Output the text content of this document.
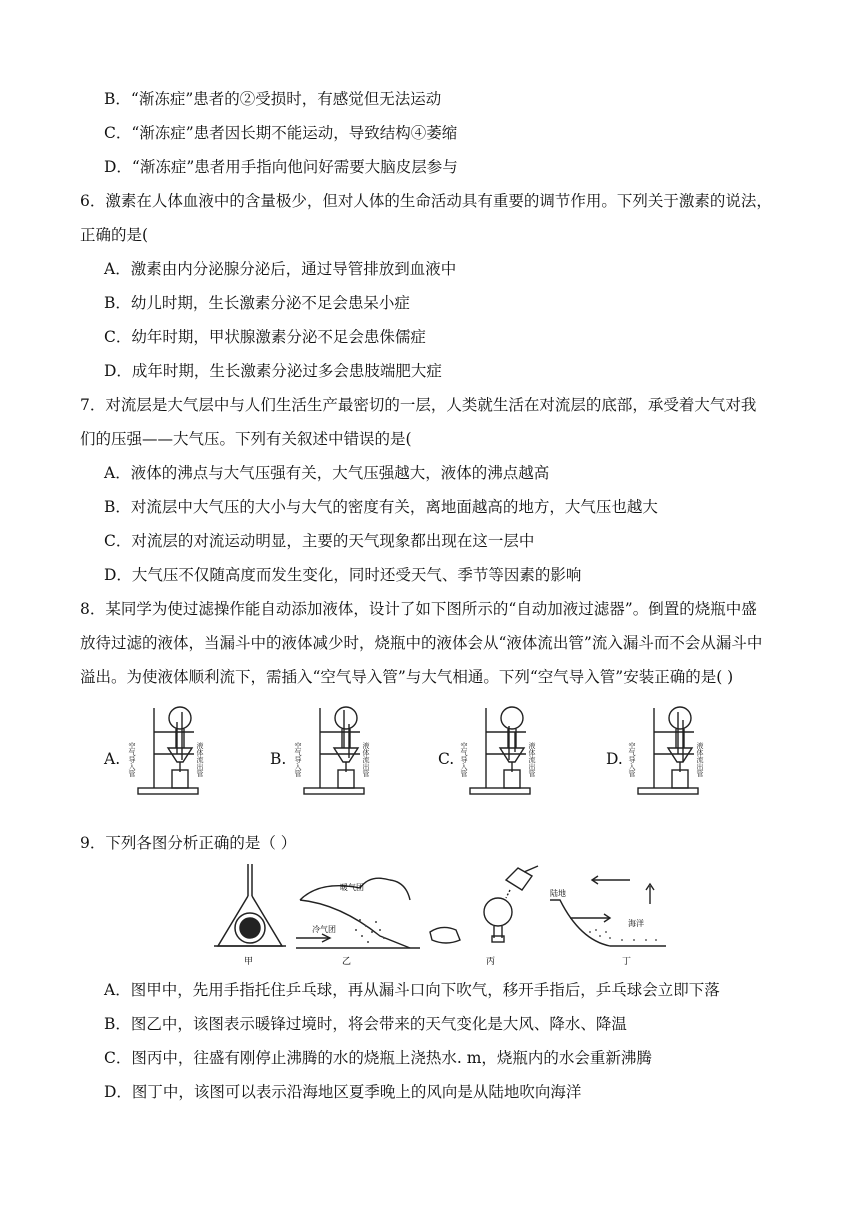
B．“渐冻症”患者的②受损时，有感觉但无法运动
C．“渐冻症”患者因长期不能运动，导致结构④萎缩
D．“渐冻症”患者用手指向他问好需要大脑皮层参与
6．激素在人体血液中的含量极少，但对人体的生命活动具有重要的调节作用。下列关于激素的说法，
正确的是(
A．激素由内分泌腺分泌后，通过导管排放到血液中
B．幼儿时期，生长激素分泌不足会患呆小症
C．幼年时期，甲状腺激素分泌不足会患侏儒症
D．成年时期，生长激素分泌过多会患肢端肥大症
7．对流层是大气层中与人们生活生产最密切的一层，人类就生活在对流层的底部，承受着大气对我
们的压强——大气压。下列有关叙述中错误的是(
A．液体的沸点与大气压强有关，大气压强越大，液体的沸点越高
B．对流层中大气压的大小与大气的密度有关，离地面越高的地方，大气压也越大
C．对流层的对流运动明显，主要的天气现象都出现在这一层中
D．大气压不仅随高度而发生变化，同时还受天气、季节等因素的影响
8．某同学为使过滤操作能自动添加液体，设计了如下图所示的“自动加液过滤器”。倒置的烧瓶中盛
放待过滤的液体，当漏斗中的液体减少时，烧瓶中的液体会从“液体流出管”流入漏斗而不会从漏斗中
溢出。为使液体顺利流下，需插入“空气导入管”与大气相通。下列“空气导入管”安装正确的是( )
A.	B.	C.	D.
空气导入管	液体流出管	空气导入管	液体流出管	空气导入管	液体流出管	空气导入管	液体流出管
9．下列各图分析正确的是（ ）
甲
暖气团
冷气团
乙	丙
陆地
海洋
丁
A．图甲中，先用手指托住乒乓球，再从漏斗口向下吹气，移开手指后，乒乓球会立即下落
B．图乙中，该图表示暖锋过境时，将会带来的天气变化是大风、降水、降温
C．图丙中，往盛有刚停止沸腾的水的烧瓶上浇热水. m，烧瓶内的水会重新沸腾
D．图丁中，该图可以表示沿海地区夏季晚上的风向是从陆地吹向海洋
